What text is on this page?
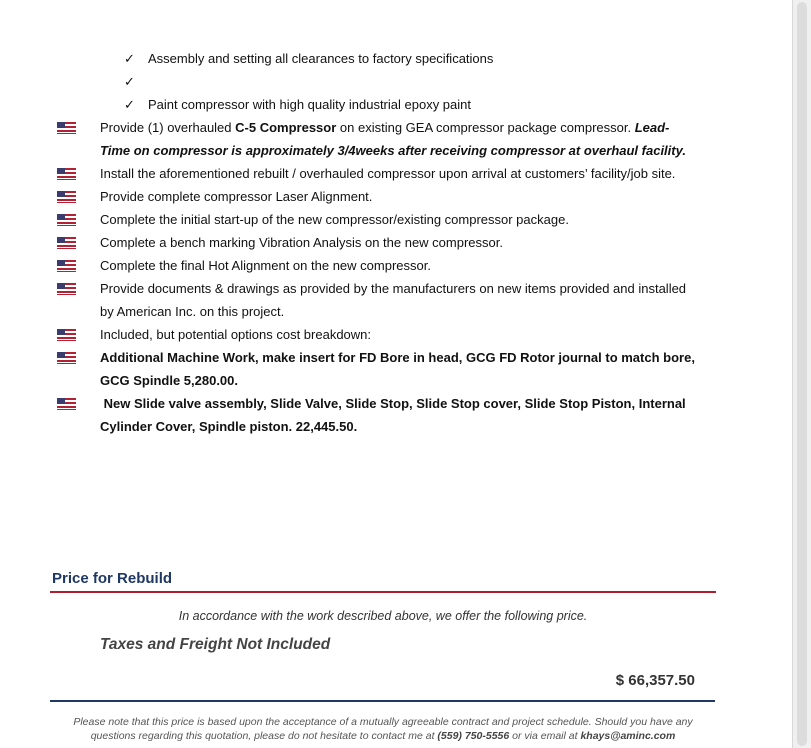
✓ Assembly and setting all clearances to factory specifications
✓
✓ Paint compressor with high quality industrial epoxy paint
Provide (1) overhauled C-5 Compressor on existing GEA compressor package compressor. Lead-
Time on compressor is approximately 3/4weeks after receiving compressor at overhaul facility.
Install the aforementioned rebuilt / overhauled compressor upon arrival at customers’ facility/job site.
Provide complete compressor Laser Alignment.
Complete the initial start-up of the new compressor/existing compressor package.
Complete a bench marking Vibration Analysis on the new compressor.
Complete the final Hot Alignment on the new compressor.
Provide documents & drawings as provided by the manufacturers on new items provided and installed
by American Inc. on this project.
Included, but potential options cost breakdown:
Additional Machine Work, make insert for FD Bore in head, GCG FD Rotor journal to match bore,
GCG Spindle 5,280.00.
New Slide valve assembly, Slide Valve, Slide Stop, Slide Stop cover, Slide Stop Piston, Internal
Cylinder Cover, Spindle piston. 22,445.50.
Price for Rebuild
In accordance with the work described above, we offer the following price.
Taxes and Freight Not Included
$ 66,357.50
Please note that this price is based upon the acceptance of a mutually agreeable contract and project schedule. Should you have any
questions regarding this quotation, please do not hesitate to contact me at (559) 750-5556 or via email at khays@aminc.com
